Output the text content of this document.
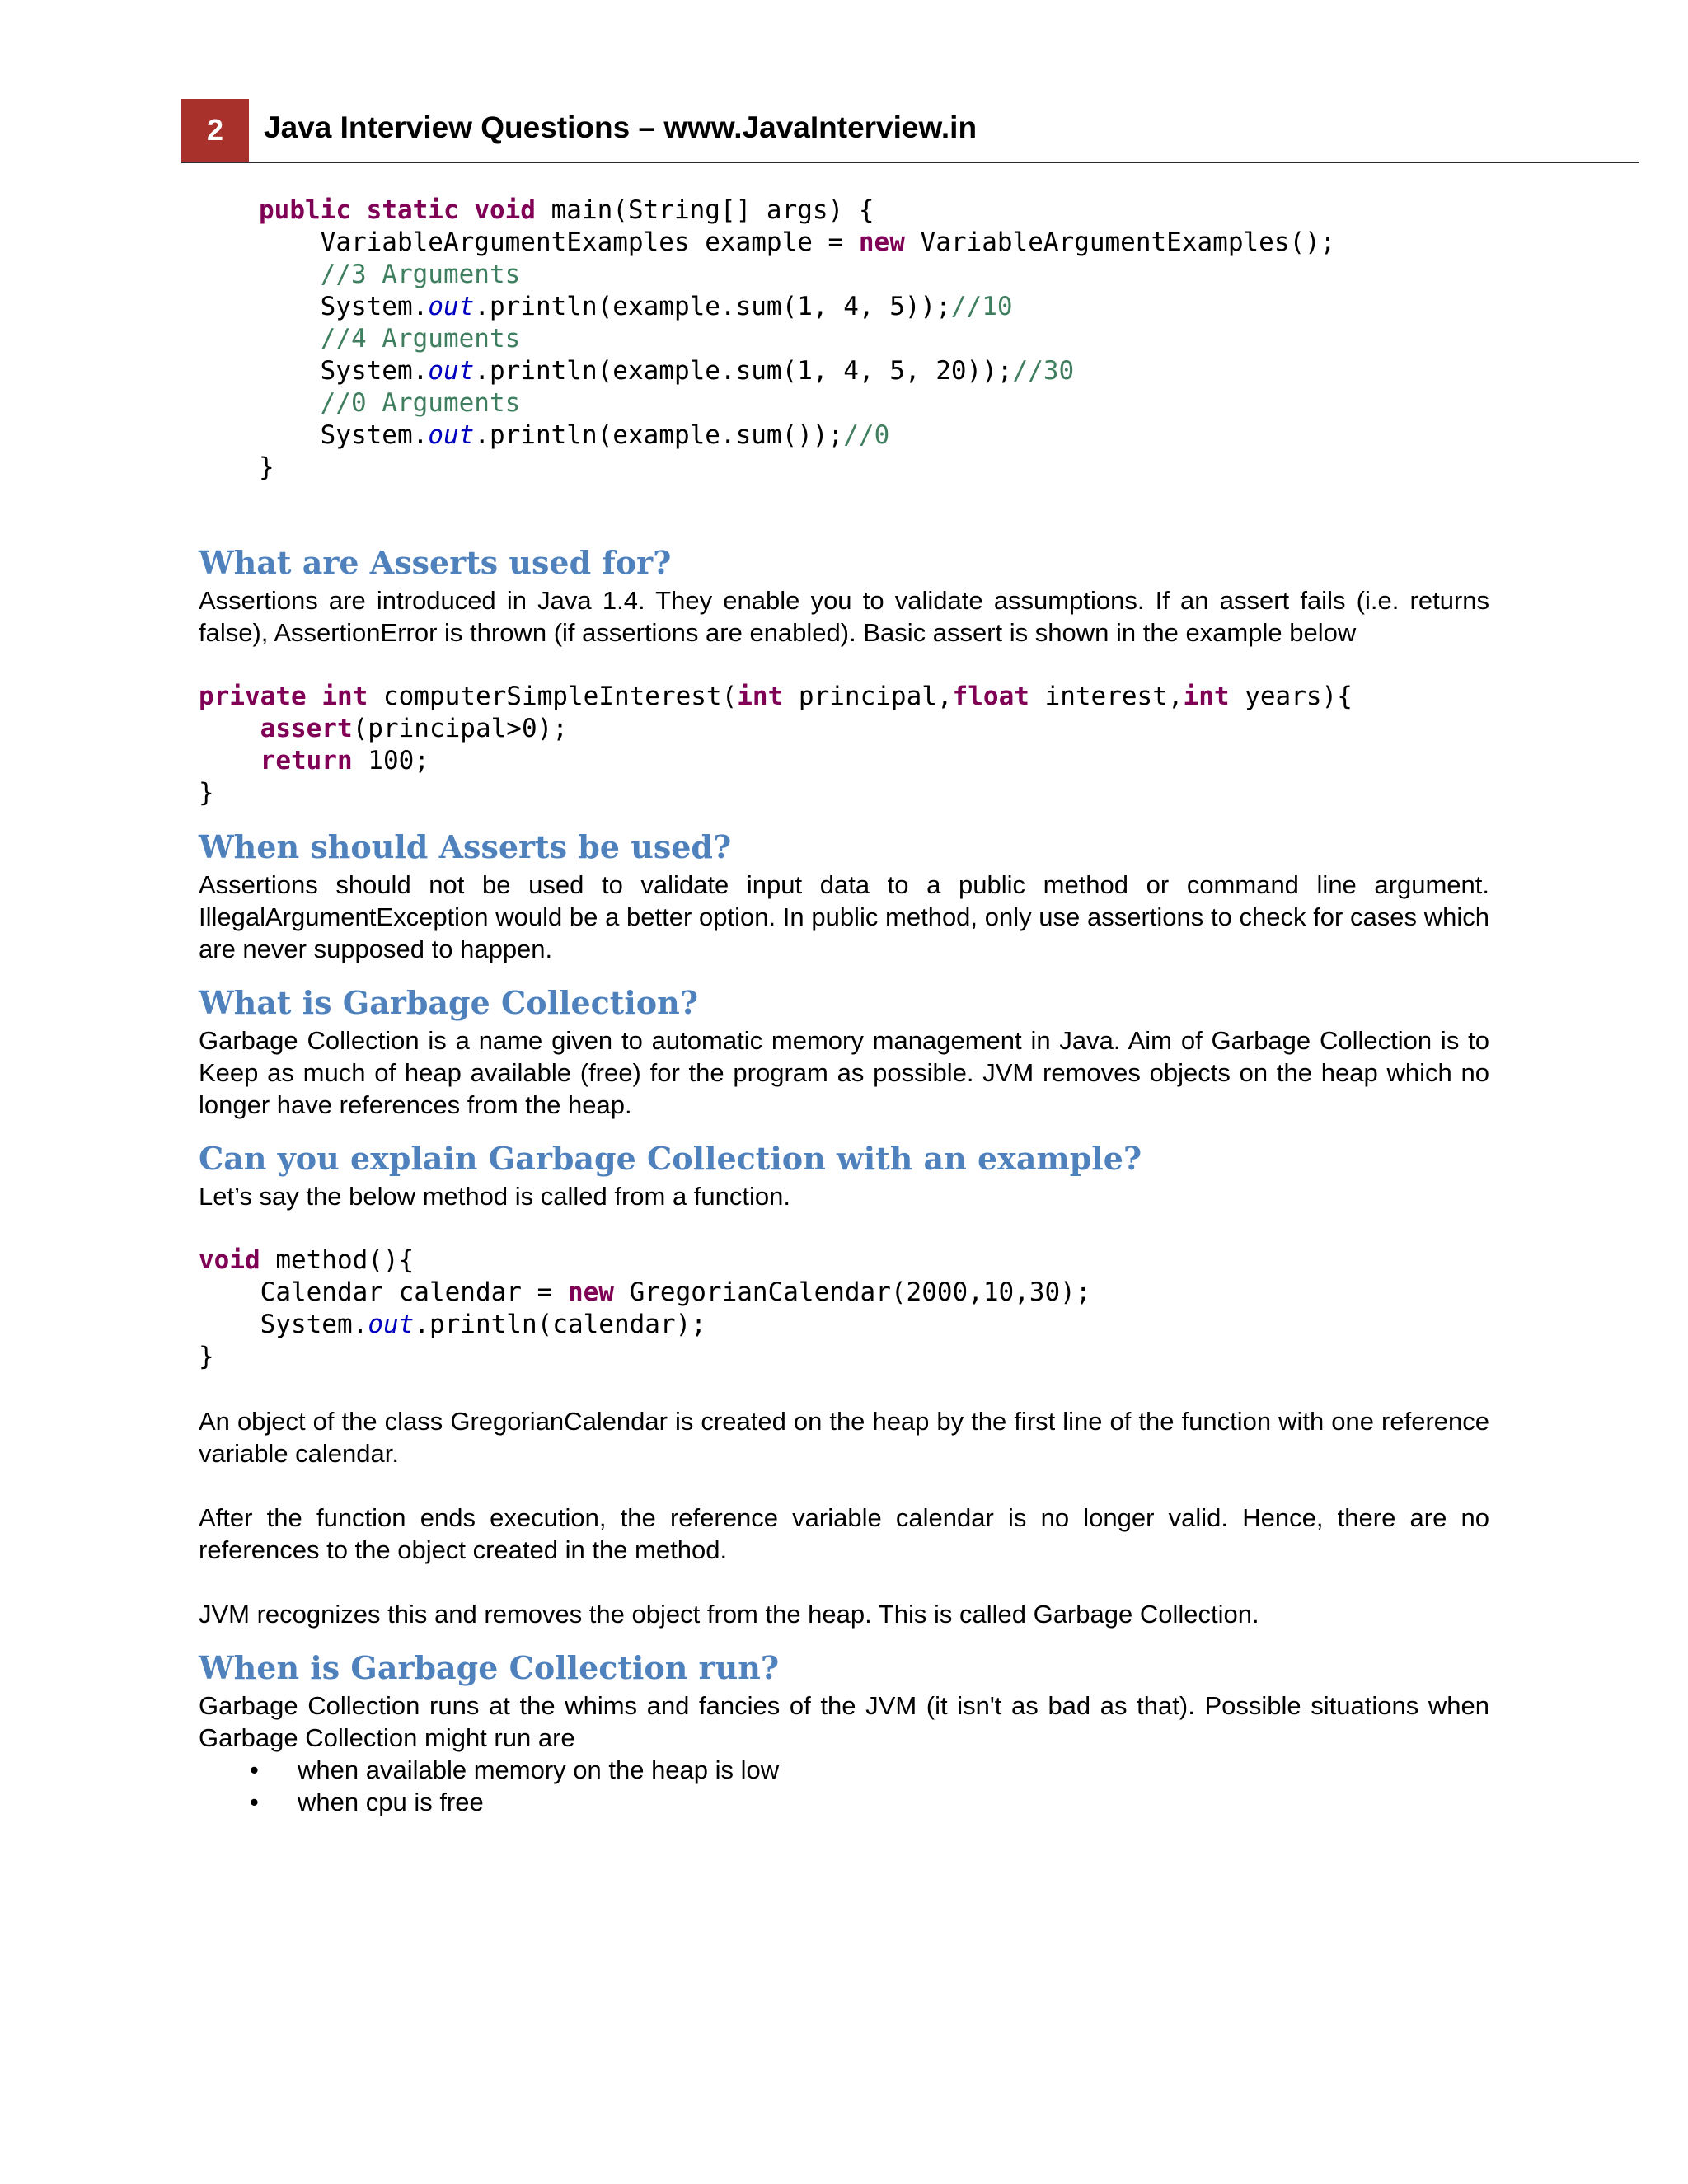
2	Java Interview Questions – www.JavaInterview.in
public static void main(String[] args) {
VariableArgumentExamples example = new VariableArgumentExamples();
//3 Arguments
System.out.println(example.sum(1, 4, 5));//10
//4 Arguments
System.out.println(example.sum(1, 4, 5, 20));//30
//0 Arguments
System.out.println(example.sum());//0
}
What are Asserts used for?

Assertions are introduced in Java 1.4. They enable you to validate assumptions. If an assert fails (i.e. returns false), AssertionError is thrown (if assertions are enabled). Basic assert is shown in the example below

private int computerSimpleInterest(int principal,float interest,int years){
assert(principal>0);
return 100;
}
When should Asserts be used?

Assertions should not be used to validate input data to a public method or command line argument. IllegalArgumentException would be a better option. In public method, only use assertions to check for cases which are never supposed to happen.

What is Garbage Collection?

Garbage Collection is a name given to automatic memory management in Java. Aim of Garbage Collection is to Keep as much of heap available (free) for the program as possible. JVM removes objects on the heap which no longer have references from the heap.

Can you explain Garbage Collection with an example?

Let’s say the below method is called from a function.

void method(){
Calendar calendar = new GregorianCalendar(2000,10,30);
System.out.println(calendar);
}

An object of the class GregorianCalendar is created on the heap by the first line of the function with one reference variable calendar.

After the function ends execution, the reference variable calendar is no longer valid. Hence, there are no references to the object created in the method.

JVM recognizes this and removes the object from the heap. This is called Garbage Collection.

When is Garbage Collection run?

Garbage Collection runs at the whims and fancies of the JVM (it isn't as bad as that). Possible situations when Garbage Collection might run are

• when available memory on the heap is low
• when cpu is free
